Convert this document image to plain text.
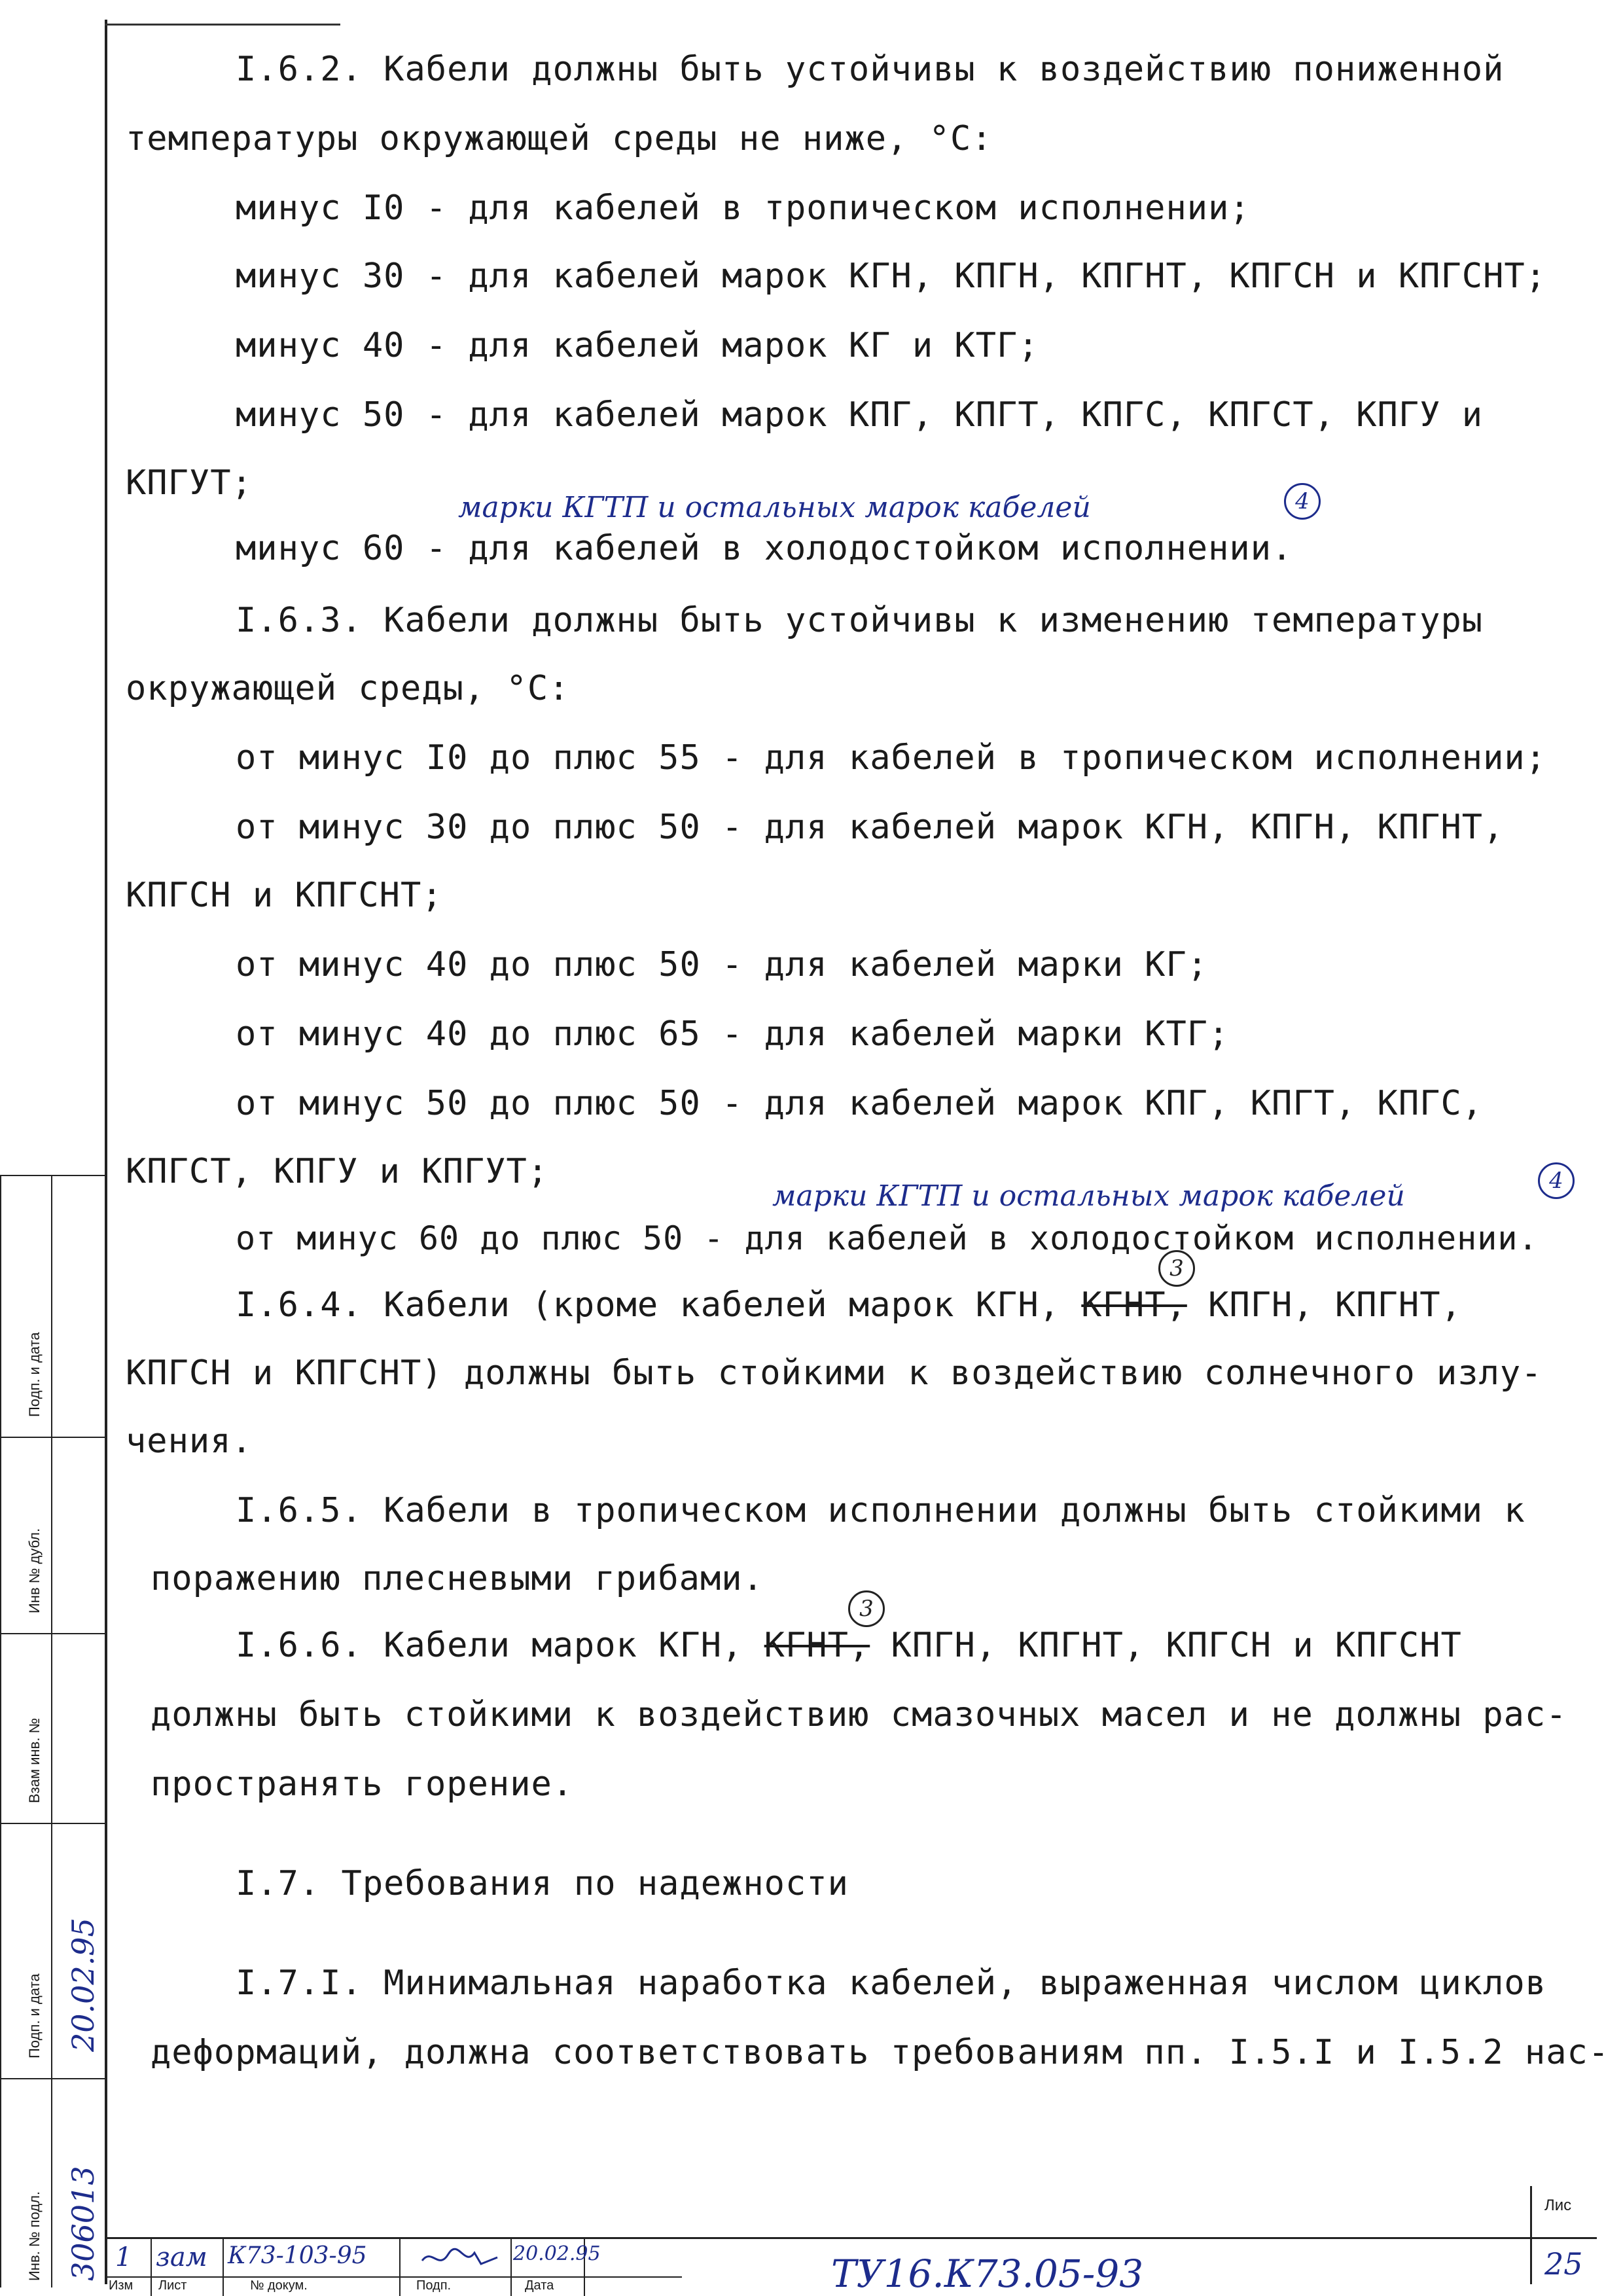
I.6.2. Кабели должны быть устойчивы к воздействию пониженной
температуры окружающей среды не ниже, °С:
минус I0 - для кабелей в тропическом исполнении;
минус 30 - для кабелей марок КГН, КПГН, КПГНТ, КПГСН и КПГСНТ;
минус 40 - для кабелей марок КГ и КТГ;
минус 50 - для кабелей марок КПГ, КПГТ, КПГС, КПГСТ, КПГУ и
КПГУТ;
марки КГТП и остальных марок кабелей	4
минус 60 - для кабелей в холодостойком исполнении.
I.6.3. Кабели должны быть устойчивы к изменению температуры
окружающей среды, °С:
от минус I0 до плюс 55 - для кабелей в тропическом исполнении;
от минус 30 до плюс 50 - для кабелей марок КГН, КПГН, КПГНТ,
КПГСН и КПГСНТ;
от минус 40 до плюс 50 - для кабелей марки КГ;
от минус 40 до плюс 65 - для кабелей марки КТГ;
от минус 50 до плюс 50 - для кабелей марок КПГ, КПГТ, КПГС,
КПГСТ, КПГУ и КПГУТ;
марки КГТП и остальных марок кабелей	4
от минус 60 до плюс 50 - для кабелей в холодостойком исполнении.
3
I.6.4. Кабели (кроме кабелей марок КГН, КГНТ, КПГН, КПГНТ,
КПГСН и КПГСНТ) должны быть стойкими к воздействию солнечного излу-
чения.
I.6.5. Кабели в тропическом исполнении должны быть стойкими к
поражению плесневыми грибами.
3
I.6.6. Кабели марок КГН, КГНТ, КПГН, КПГНТ, КПГСН и КПГСНТ
должны быть стойкими к воздействию смазочных масел и не должны рас-
пространять горение.
I.7. Требования по надежности
I.7.I. Минимальная наработка кабелей, выраженная числом циклов
деформаций, должна соответствовать требованиям пп. I.5.I и I.5.2 нас-
Подп. и дата
Инв № дубл.
Взам инв. №
Подп. и дата
Инв. № подл.
20.02.95
306013 1
Изм
зам
Лист
К73-103-95
№ докум.	Подп.
20.02.95
Дата	ТУ16.К73.05-93
Лис
25
